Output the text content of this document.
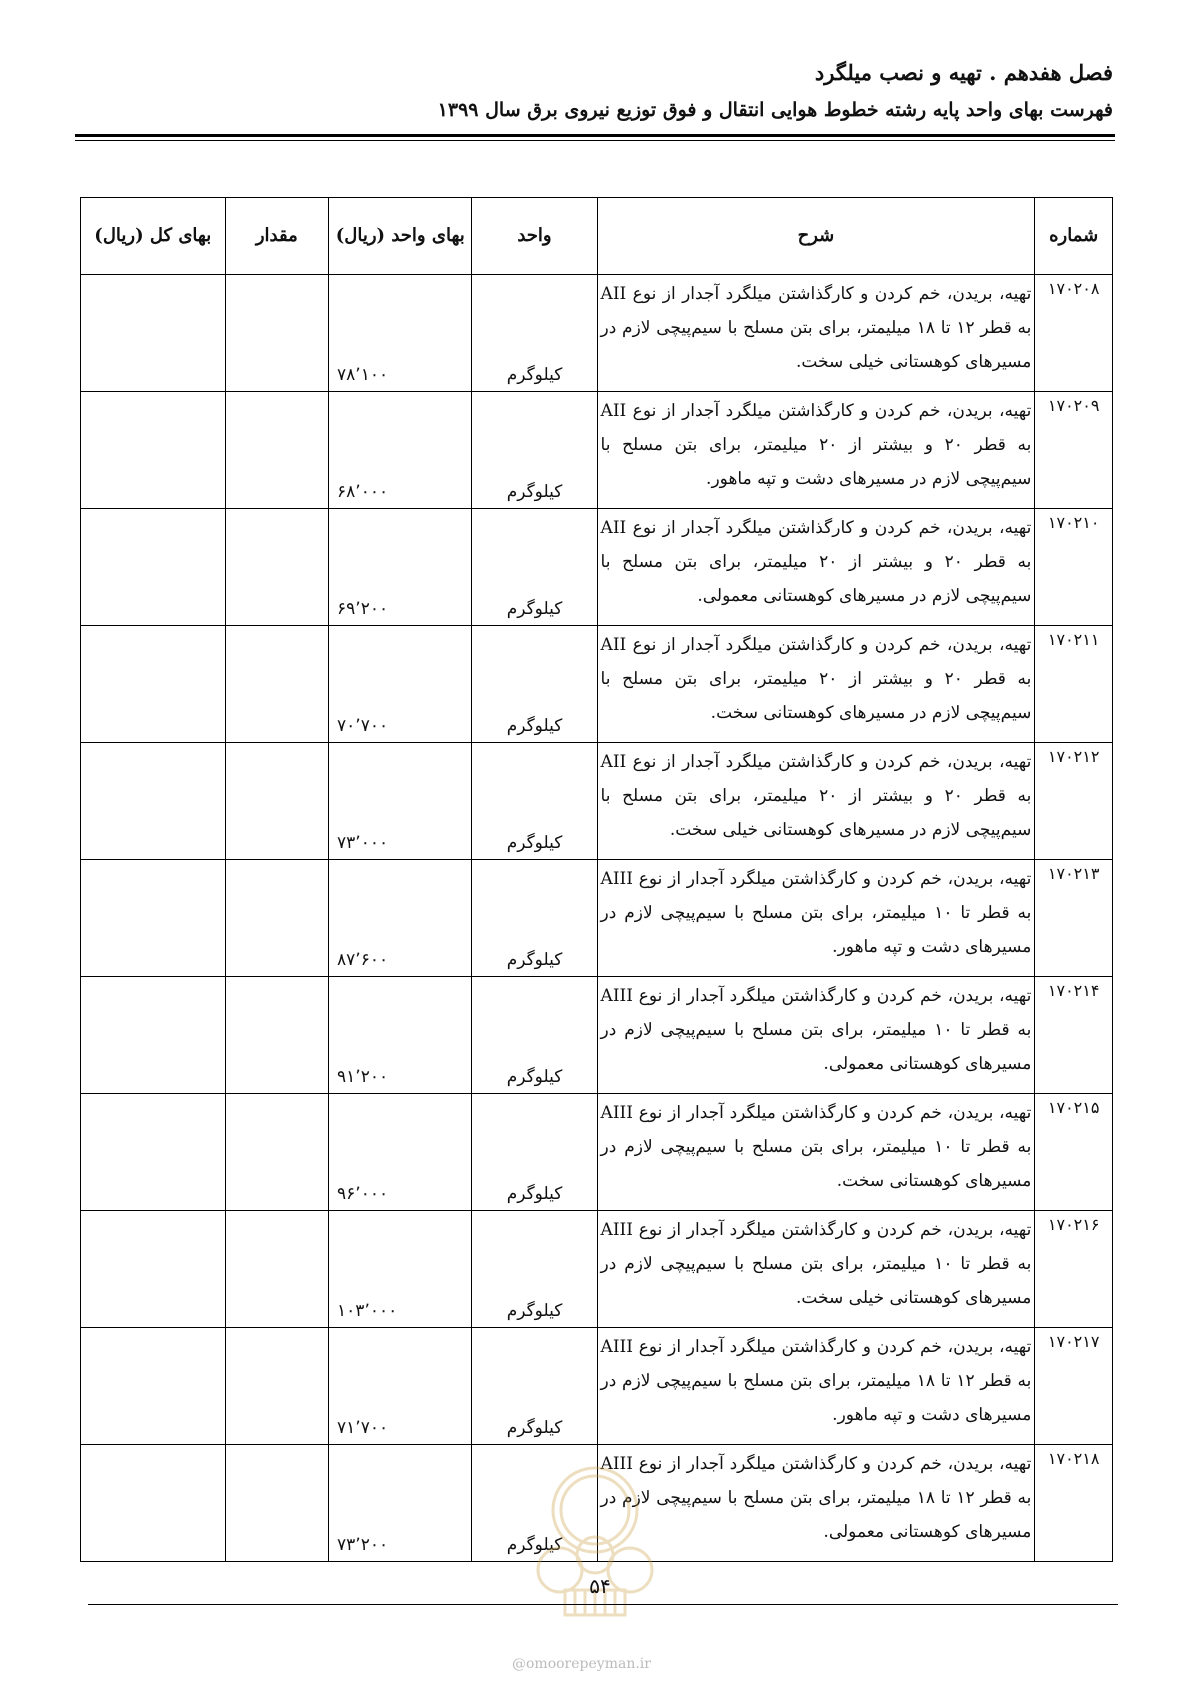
فصل هفدهم . تهیه و نصب میلگرد
فهرست بهای واحد پایه رشته خطوط هوایی انتقال و فوق توزیع نیروی برق سال ۱۳۹۹
شماره	شرح	واحد	بهای واحد (ریال)	مقدار	بهای کل (ریال)
۱۷۰۲۰۸	تهیه، بریدن، خم کردن و کارگذاشتن میلگرد آجدار از نوع AII به قطر ۱۲ تا ۱۸ میلیمتر، برای بتن مسلح با سیم‌پیچی لازم در مسیرهای کوهستانی خیلی سخت.	کیلوگرم	۷۸٬۱۰۰		
۱۷۰۲۰۹	تهیه، بریدن، خم کردن و کارگذاشتن میلگرد آجدار از نوع AII به قطر ۲۰ و بیشتر از ۲۰ میلیمتر، برای بتن مسلح با سیم‌پیچی لازم در مسیرهای دشت و تپه ماهور.	کیلوگرم	۶۸٬۰۰۰		
۱۷۰۲۱۰	تهیه، بریدن، خم کردن و کارگذاشتن میلگرد آجدار از نوع AII به قطر ۲۰ و بیشتر از ۲۰ میلیمتر، برای بتن مسلح با سیم‌پیچی لازم در مسیرهای کوهستانی معمولی.	کیلوگرم	۶۹٬۲۰۰		
۱۷۰۲۱۱	تهیه، بریدن، خم کردن و کارگذاشتن میلگرد آجدار از نوع AII به قطر ۲۰ و بیشتر از ۲۰ میلیمتر، برای بتن مسلح با سیم‌پیچی لازم در مسیرهای کوهستانی سخت.	کیلوگرم	۷۰٬۷۰۰		
۱۷۰۲۱۲	تهیه، بریدن، خم کردن و کارگذاشتن میلگرد آجدار از نوع AII به قطر ۲۰ و بیشتر از ۲۰ میلیمتر، برای بتن مسلح با سیم‌پیچی لازم در مسیرهای کوهستانی خیلی سخت.	کیلوگرم	۷۳٬۰۰۰		
۱۷۰۲۱۳	تهیه، بریدن، خم کردن و کارگذاشتن میلگرد آجدار از نوع AIII به قطر تا ۱۰ میلیمتر، برای بتن مسلح با سیم‌پیچی لازم در مسیرهای دشت و تپه ماهور.	کیلوگرم	۸۷٬۶۰۰		
۱۷۰۲۱۴	تهیه، بریدن، خم کردن و کارگذاشتن میلگرد آجدار از نوع AIII به قطر تا ۱۰ میلیمتر، برای بتن مسلح با سیم‌پیچی لازم در مسیرهای کوهستانی معمولی.	کیلوگرم	۹۱٬۲۰۰		
۱۷۰۲۱۵	تهیه، بریدن، خم کردن و کارگذاشتن میلگرد آجدار از نوع AIII به قطر تا ۱۰ میلیمتر، برای بتن مسلح با سیم‌پیچی لازم در مسیرهای کوهستانی سخت.	کیلوگرم	۹۶٬۰۰۰		
۱۷۰۲۱۶	تهیه، بریدن، خم کردن و کارگذاشتن میلگرد آجدار از نوع AIII به قطر تا ۱۰ میلیمتر، برای بتن مسلح با سیم‌پیچی لازم در مسیرهای کوهستانی خیلی سخت.	کیلوگرم	۱۰۳٬۰۰۰		
۱۷۰۲۱۷	تهیه، بریدن، خم کردن و کارگذاشتن میلگرد آجدار از نوع AIII به قطر ۱۲ تا ۱۸ میلیمتر، برای بتن مسلح با سیم‌پیچی لازم در مسیرهای دشت و تپه ماهور.	کیلوگرم	۷۱٬۷۰۰		
۱۷۰۲۱۸	تهیه، بریدن، خم کردن و کارگذاشتن میلگرد آجدار از نوع AIII به قطر ۱۲ تا ۱۸ میلیمتر، برای بتن مسلح با سیم‌پیچی لازم در مسیرهای کوهستانی معمولی.	کیلوگرم	۷۳٬۲۰۰		
۵۴
@omoorepeyman.ir
